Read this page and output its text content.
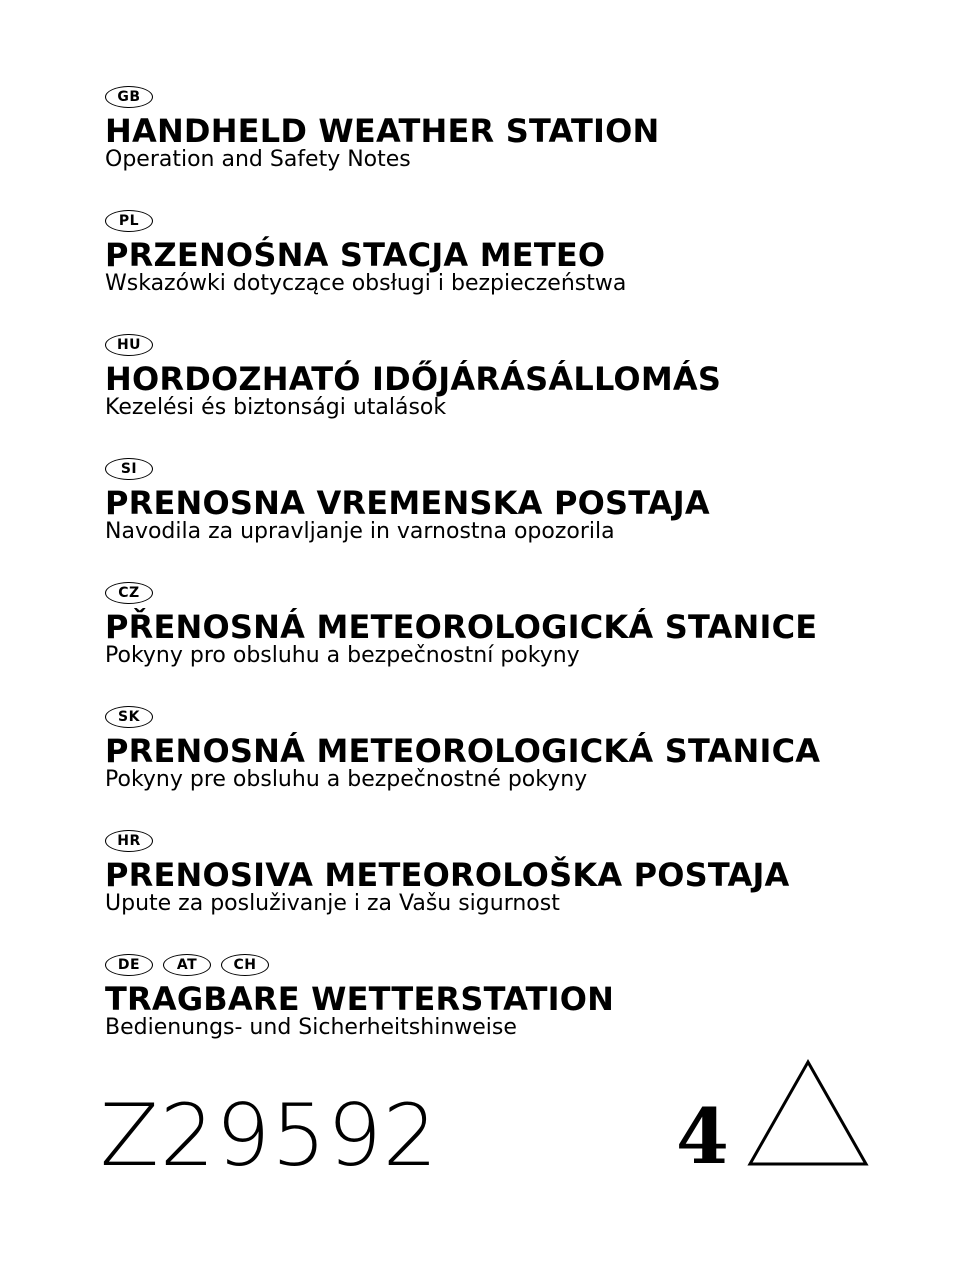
GB
HANDHELD WEATHER STATION
Operation and Safety Notes
PL
PRZENOŚNA STACJA METEO
Wskazówki dotyczące obsługi i bezpieczeństwa
HU
HORDOZHATÓ IDŐJÁRÁSÁLLOMÁS
Kezelési és biztonsági utalások
SI
PRENOSNA VREMENSKA POSTAJA
Navodila za upravljanje in varnostna opozorila
CZ
PŘENOSNÁ METEOROLOGICKÁ STANICE
Pokyny pro obsluhu a bezpečnostní pokyny
SK
PRENOSNÁ METEOROLOGICKÁ STANICA
Pokyny pre obsluhu a bezpečnostné pokyny
HR
PRENOSIVA METEOROLOŠKA POSTAJA
Upute za posluživanje i za Vašu sigurnost
DE	AT	CH
TRAGBARE WETTERSTATION
Bedienungs- und Sicherheitshinweise
Z29592	4
